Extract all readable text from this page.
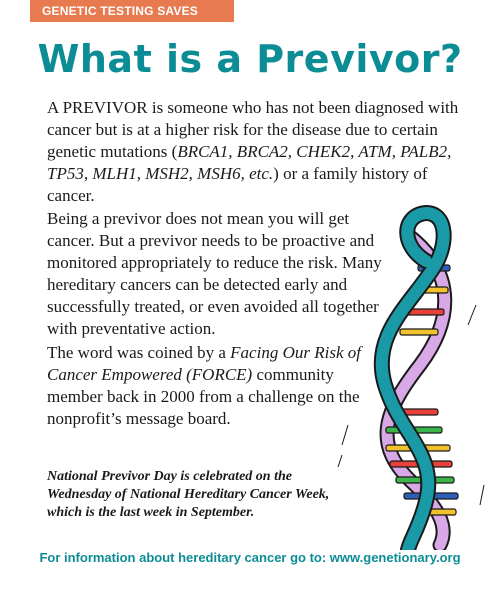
GENETIC TESTING SAVES LIVES
What is a Previvor?

A PREVIVOR is someone who has not been diagnosed with cancer but is at a higher risk for the disease due to certain genetic mutations (BRCA1, BRCA2, CHEK2, ATM, PALB2, TP53, MLH1, MSH2, MSH6, etc.) or a family history of cancer.

Being a previvor does not mean you will get cancer. But a previvor needs to be proactive and monitored appropriately to reduce the risk. Many hereditary cancers can be detected early and successfully treated, or even avoided all together with preventative action.

The word was coined by a Facing Our Risk of Cancer Empowered (FORCE) community member back in 2000 from a challenge on the nonprofit’s message board.

National Previvor Day is celebrated on the Wednesday of National Hereditary Cancer Week, which is the last week in September.

For information about hereditary cancer go to: www.genetionary.org
